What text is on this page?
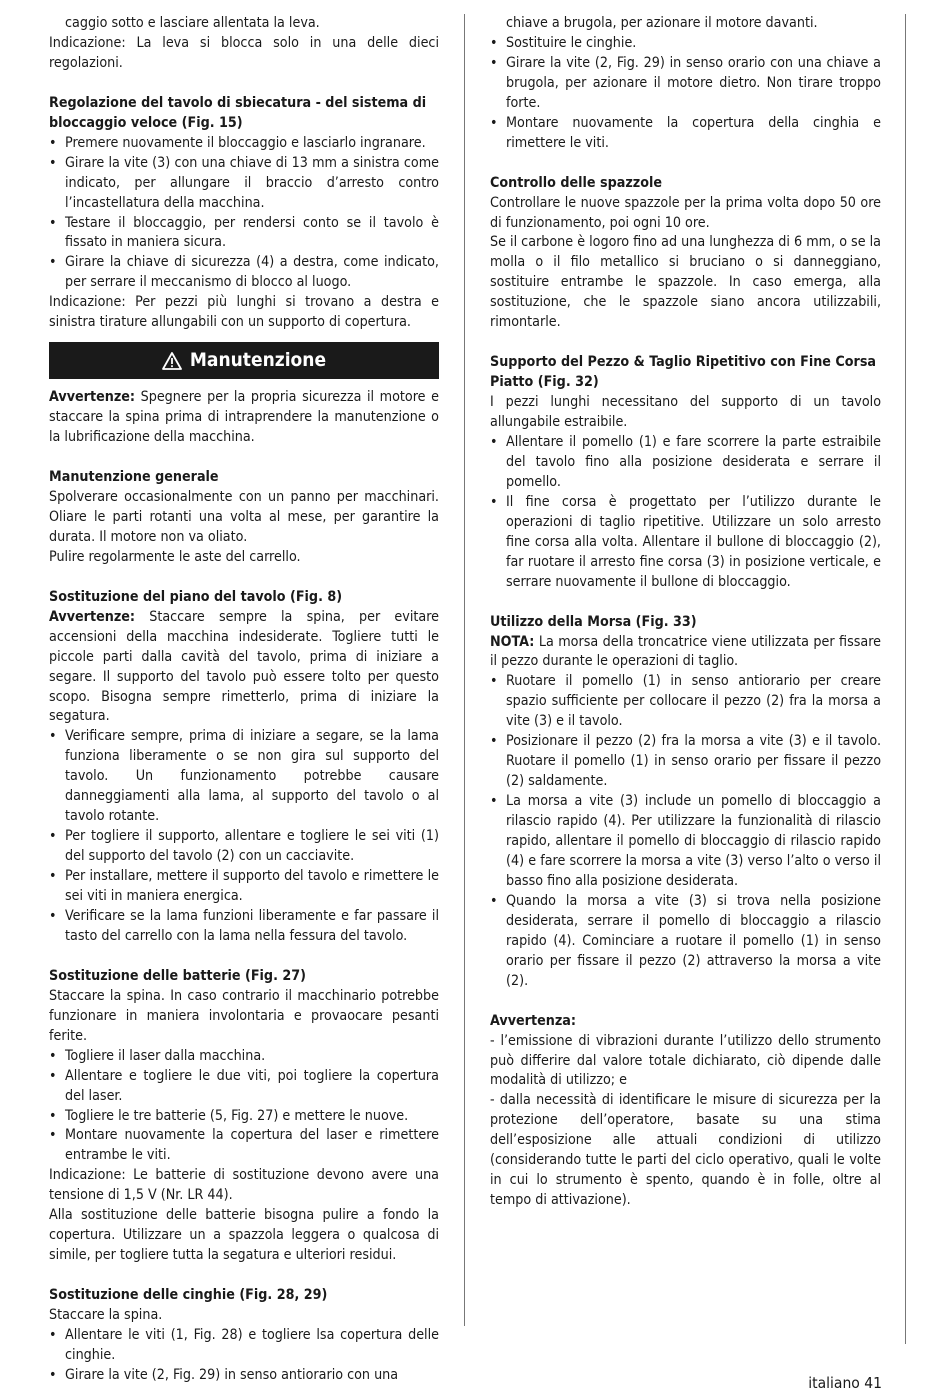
caggio sotto e lasciare allentata la leva.

Indicazione: La leva si blocca solo in una delle dieci regolazioni.

Regolazione del tavolo di sbiecatura - del sistema di bloccaggio veloce (Fig. 15)

• Premere nuovamente il bloccaggio e lasciarlo ingranare.

• Girare la vite (3) con una chiave di 13 mm a sinistra come indicato, per allungare il braccio d’arresto contro l’incastellatura della macchina.

• Testare il bloccaggio, per rendersi conto se il tavolo è fissato in maniera sicura.

• Girare la chiave di sicurezza (4) a destra, come indicato, per serrare il meccanismo di blocco al luogo.

Indicazione: Per pezzi più lunghi si trovano a destra e sinistra tirature allungabili con un supporto di copertura.

Manutenzione

Avvertenze: Spegnere per la propria sicurezza il motore e staccare la spina prima di intraprendere la manutenzione o la lubrificazione della macchina.

Manutenzione generale

Spolverare occasionalmente con un panno per macchinari. Oliare le parti rotanti una volta al mese, per garantire la durata. Il motore non va oliato.

Pulire regolarmente le aste del carrello.

Sostituzione del piano del tavolo (Fig. 8)

Avvertenze: Staccare sempre la spina, per evitare accensioni della macchina indesiderate. Togliere tutti le piccole parti dalla cavità del tavolo, prima di iniziare a segare. Il supporto del tavolo può essere tolto per questo scopo. Bisogna sempre rimetterlo, prima di iniziare la segatura.

• Verificare sempre, prima di iniziare a segare, se la lama funziona liberamente o se non gira sul supporto del tavolo. Un funzionamento potrebbe causare danneggiamenti alla lama, al supporto del tavolo o al tavolo rotante.

• Per togliere il supporto, allentare e togliere le sei viti (1) del supporto del tavolo (2) con un cacciavite.

• Per installare, mettere il supporto del tavolo e rimettere le sei viti in maniera energica.

• Verificare se la lama funzioni liberamente e far passare il tasto del carrello con la lama nella fessura del tavolo.

Sostituzione delle batterie (Fig. 27)

Staccare la spina. In caso contrario il macchinario potrebbe funzionare in maniera involontaria e provaocare pesanti ferite.

• Togliere il laser dalla macchina.

• Allentare e togliere le due viti, poi togliere la copertura del laser.

• Togliere le tre batterie (5, Fig. 27) e mettere le nuove.

• Montare nuovamente la copertura del laser e rimettere entrambe le viti.

Indicazione: Le batterie di sostituzione devono avere una tensione di 1,5 V (Nr. LR 44).

Alla sostituzione delle batterie bisogna pulire a fondo la copertura. Utilizzare un a spazzola leggera o qualcosa di simile, per togliere tutta la segatura e ulteriori residui.

Sostituzione delle cinghie (Fig. 28, 29)

Staccare la spina.

• Allentare le viti (1, Fig. 28) e togliere lsa copertura delle cinghie.

• Girare la vite (2, Fig. 29) in senso antiorario con una

chiave a brugola, per azionare il motore davanti.

• Sostituire le cinghie.

• Girare la vite (2, Fig. 29) in senso orario con una chiave a brugola, per azionare il motore dietro. Non tirare troppo forte.

• Montare nuovamente la copertura della cinghia e rimettere le viti.

Controllo delle spazzole

Controllare le nuove spazzole per la prima volta dopo 50 ore di funzionamento, poi ogni 10 ore.

Se il carbone è logoro fino ad una lunghezza di 6 mm, o se la molla o il filo metallico si bruciano o si danneggiano, sostituire entrambe le spazzole. In caso emerga, alla sostituzione, che le spazzole siano ancora utilizzabili, rimontarle.

Supporto del Pezzo & Taglio Ripetitivo con Fine Corsa Piatto (Fig. 32)

I pezzi lunghi necessitano del supporto di un tavolo allungabile estraibile.

• Allentare il pomello (1) e fare scorrere la parte estraibile del tavolo fino alla posizione desiderata e serrare il pomello.

• Il fine corsa è progettato per l’utilizzo durante le operazioni di taglio ripetitive. Utilizzare un solo arresto fine corsa alla volta. Allentare il bullone di bloccaggio (2), far ruotare il arresto fine corsa (3) in posizione verticale, e serrare nuovamente il bullone di bloccaggio.

Utilizzo della Morsa (Fig. 33)

NOTA: La morsa della troncatrice viene utilizzata per fissare il pezzo durante le operazioni di taglio.

• Ruotare il pomello (1) in senso antiorario per creare spazio sufficiente per collocare il pezzo (2) fra la morsa a vite (3) e il tavolo.

• Posizionare il pezzo (2) fra la morsa a vite (3) e il tavolo. Ruotare il pomello (1) in senso orario per fissare il pezzo (2) saldamente.

• La morsa a vite (3) include un pomello di bloccaggio a rilascio rapido (4). Per utilizzare la funzionalità di rilascio rapido, allentare il pomello di bloccaggio di rilascio rapido (4) e fare scorrere la morsa a vite (3) verso l’alto o verso il basso fino alla posizione desiderata.

• Quando la morsa a vite (3) si trova nella posizione desiderata, serrare il pomello di bloccaggio a rilascio rapido (4). Cominciare a ruotare il pomello (1) in senso orario per fissare il pezzo (2) attraverso la morsa a vite (2).

Avvertenza:

- l’emissione di vibrazioni durante l’utilizzo dello strumento può differire dal valore totale dichiarato, ciò dipende dalle modalità di utilizzo; e

- dalla necessità di identificare le misure di sicurezza per la protezione dell’operatore, basate su una stima dell’esposizione alle attuali condizioni di utilizzo (considerando tutte le parti del ciclo operativo, quali le volte in cui lo strumento è spento, quando è in folle, oltre al tempo di attivazione).

italiano 41
